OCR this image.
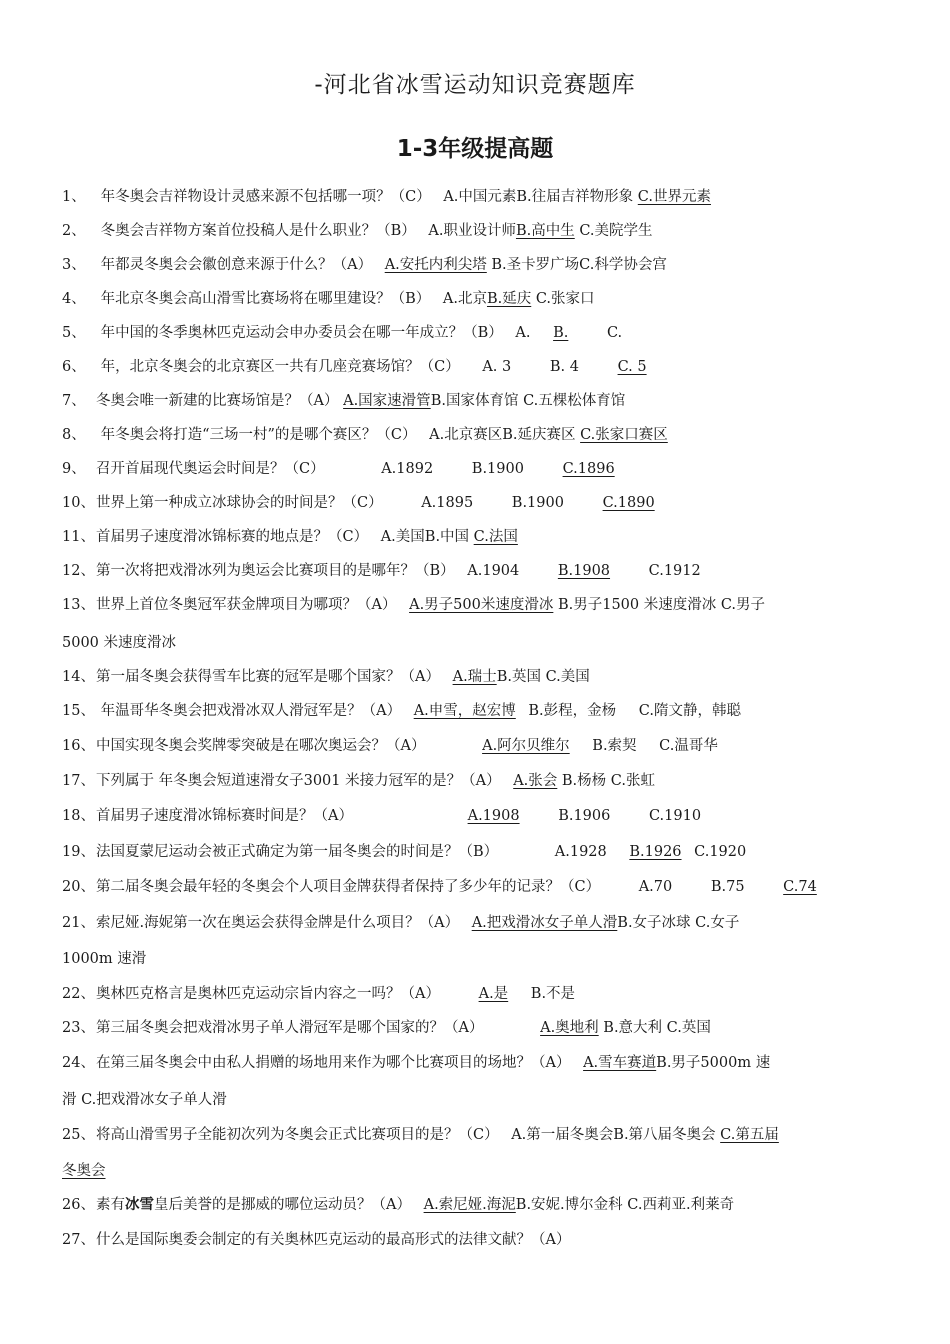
-河北省冰雪运动知识竞赛题库
1-3年级提高题
1、 年冬奥会吉祥物设计灵感来源不包括哪一项？（C） A.中国元素B.往届吉祥物形象 C.世界元素
2、 冬奥会吉祥物方案首位投稿人是什么职业？（B） A.职业设计师B.高中生 C.美院学生
3、 年都灵冬奥会会徽创意来源于什么？（A） A.安托内利尖塔 B.圣卡罗广场C.科学协会宫
4、 年北京冬奥会高山滑雪比赛场将在哪里建设？（B） A.北京B.延庆 C.张家口
5、 年中国的冬季奥林匹克运动会申办委员会在哪一年成立？（B） A. B.	C.
6、 年，北京冬奥会的北京赛区一共有几座竞赛场馆？（C） A. 3	B. 4	C. 5
7、 冬奥会唯一新建的比赛场馆是？（A） A.国家速滑管B.国家体育馆 C.五棵松体育馆
8、 年冬奥会将打造“三场一村”的是哪个赛区？（C） A.北京赛区B.延庆赛区 C.张家口赛区
9、 召开首届现代奥运会时间是？（C）	A.1892	B.1900	C.1896
10、世界上第一种成立冰球协会的时间是？（C）	A.1895	B.1900	C.1890
11、首届男子速度滑冰锦标赛的地点是？（C） A.美国B.中国 C.法国
12、第一次将把戏滑冰列为奥运会比赛项目的是哪年？（B） A.1904	B.1908	C.1912
13、世界上首位冬奥冠军获金牌项目为哪项？（A） A.男子500米速度滑冰 B.男子1500 米速度滑冰 C.男子
5000 米速度滑冰
14、第一届冬奥会获得雪车比赛的冠军是哪个国家？（A） A.瑞士B.英国 C.美国
15、 年温哥华冬奥会把戏滑冰双人滑冠军是？（A） A.申雪，赵宏博 B.彭程，金杨 C.隋文静，韩聪
16、中国实现冬奥会奖牌零突破是在哪次奥运会？（A）	A.阿尔贝维尔 B.索契 C.温哥华
17、下列属于 年冬奥会短道速滑女子3001 米接力冠军的是？（A） A.张会 B.杨杨 C.张虹
18、首届男子速度滑冰锦标赛时间是？（A）	A.1908	B.1906	C.1910
19、法国夏蒙尼运动会被正式确定为第一届冬奥会的时间是？（B）	A.1928 B.1926 C.1920
20、第二届冬奥会最年轻的冬奥会个人项目金牌获得者保持了多少年的记录？（C）	A.70	B.75	C.74
21、索尼娅.海妮第一次在奥运会获得金牌是什么项目？（A） A.把戏滑冰女子单人滑B.女子冰球 C.女子
1000m 速滑
22、奥林匹克格言是奥林匹克运动宗旨内容之一吗？（A）	A.是 B.不是
23、第三届冬奥会把戏滑冰男子单人滑冠军是哪个国家的？（A）	A.奥地利 B.意大利 C.英国
24、在第三届冬奥会中由私人捐赠的场地用来作为哪个比赛项目的场地？（A） A.雪车赛道B.男子5000m 速
滑 C.把戏滑冰女子单人滑
25、将高山滑雪男子全能初次列为冬奥会正式比赛项目的是？（C） A.第一届冬奥会B.第八届冬奥会 C.第五届
冬奥会
26、素有冰雪皇后美誉的是挪威的哪位运动员？（A） A.索尼娅.海泥B.安妮.博尔金科 C.西莉亚.利莱奇
27、什么是国际奥委会制定的有关奥林匹克运动的最高形式的法律文献？（A）
